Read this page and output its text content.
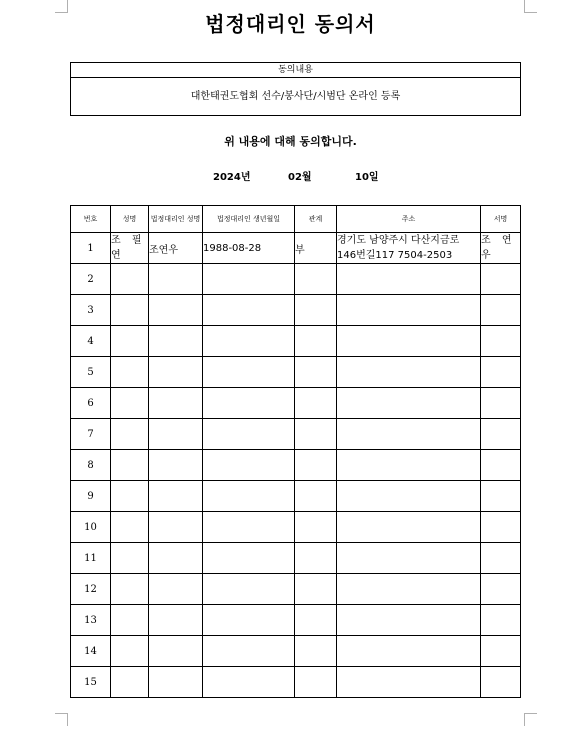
법정대리인 동의서
동의내용
대한태권도협회 선수/봉사단/시범단 온라인 등록
위 내용에 대해 동의합니다.
2024년	02월	10일
번호	성명	법정대리인 성명	법정대리인 생년월일	관계	주소	서명
1	조 필 연	조연우	1988-08-28	부	경기도 남양주시 다산지금로 146번길117 7504-2503	조 연 우
2						
3						
4						
5						
6						
7						
8						
9						
10						
11						
12						
13						
14						
15						
